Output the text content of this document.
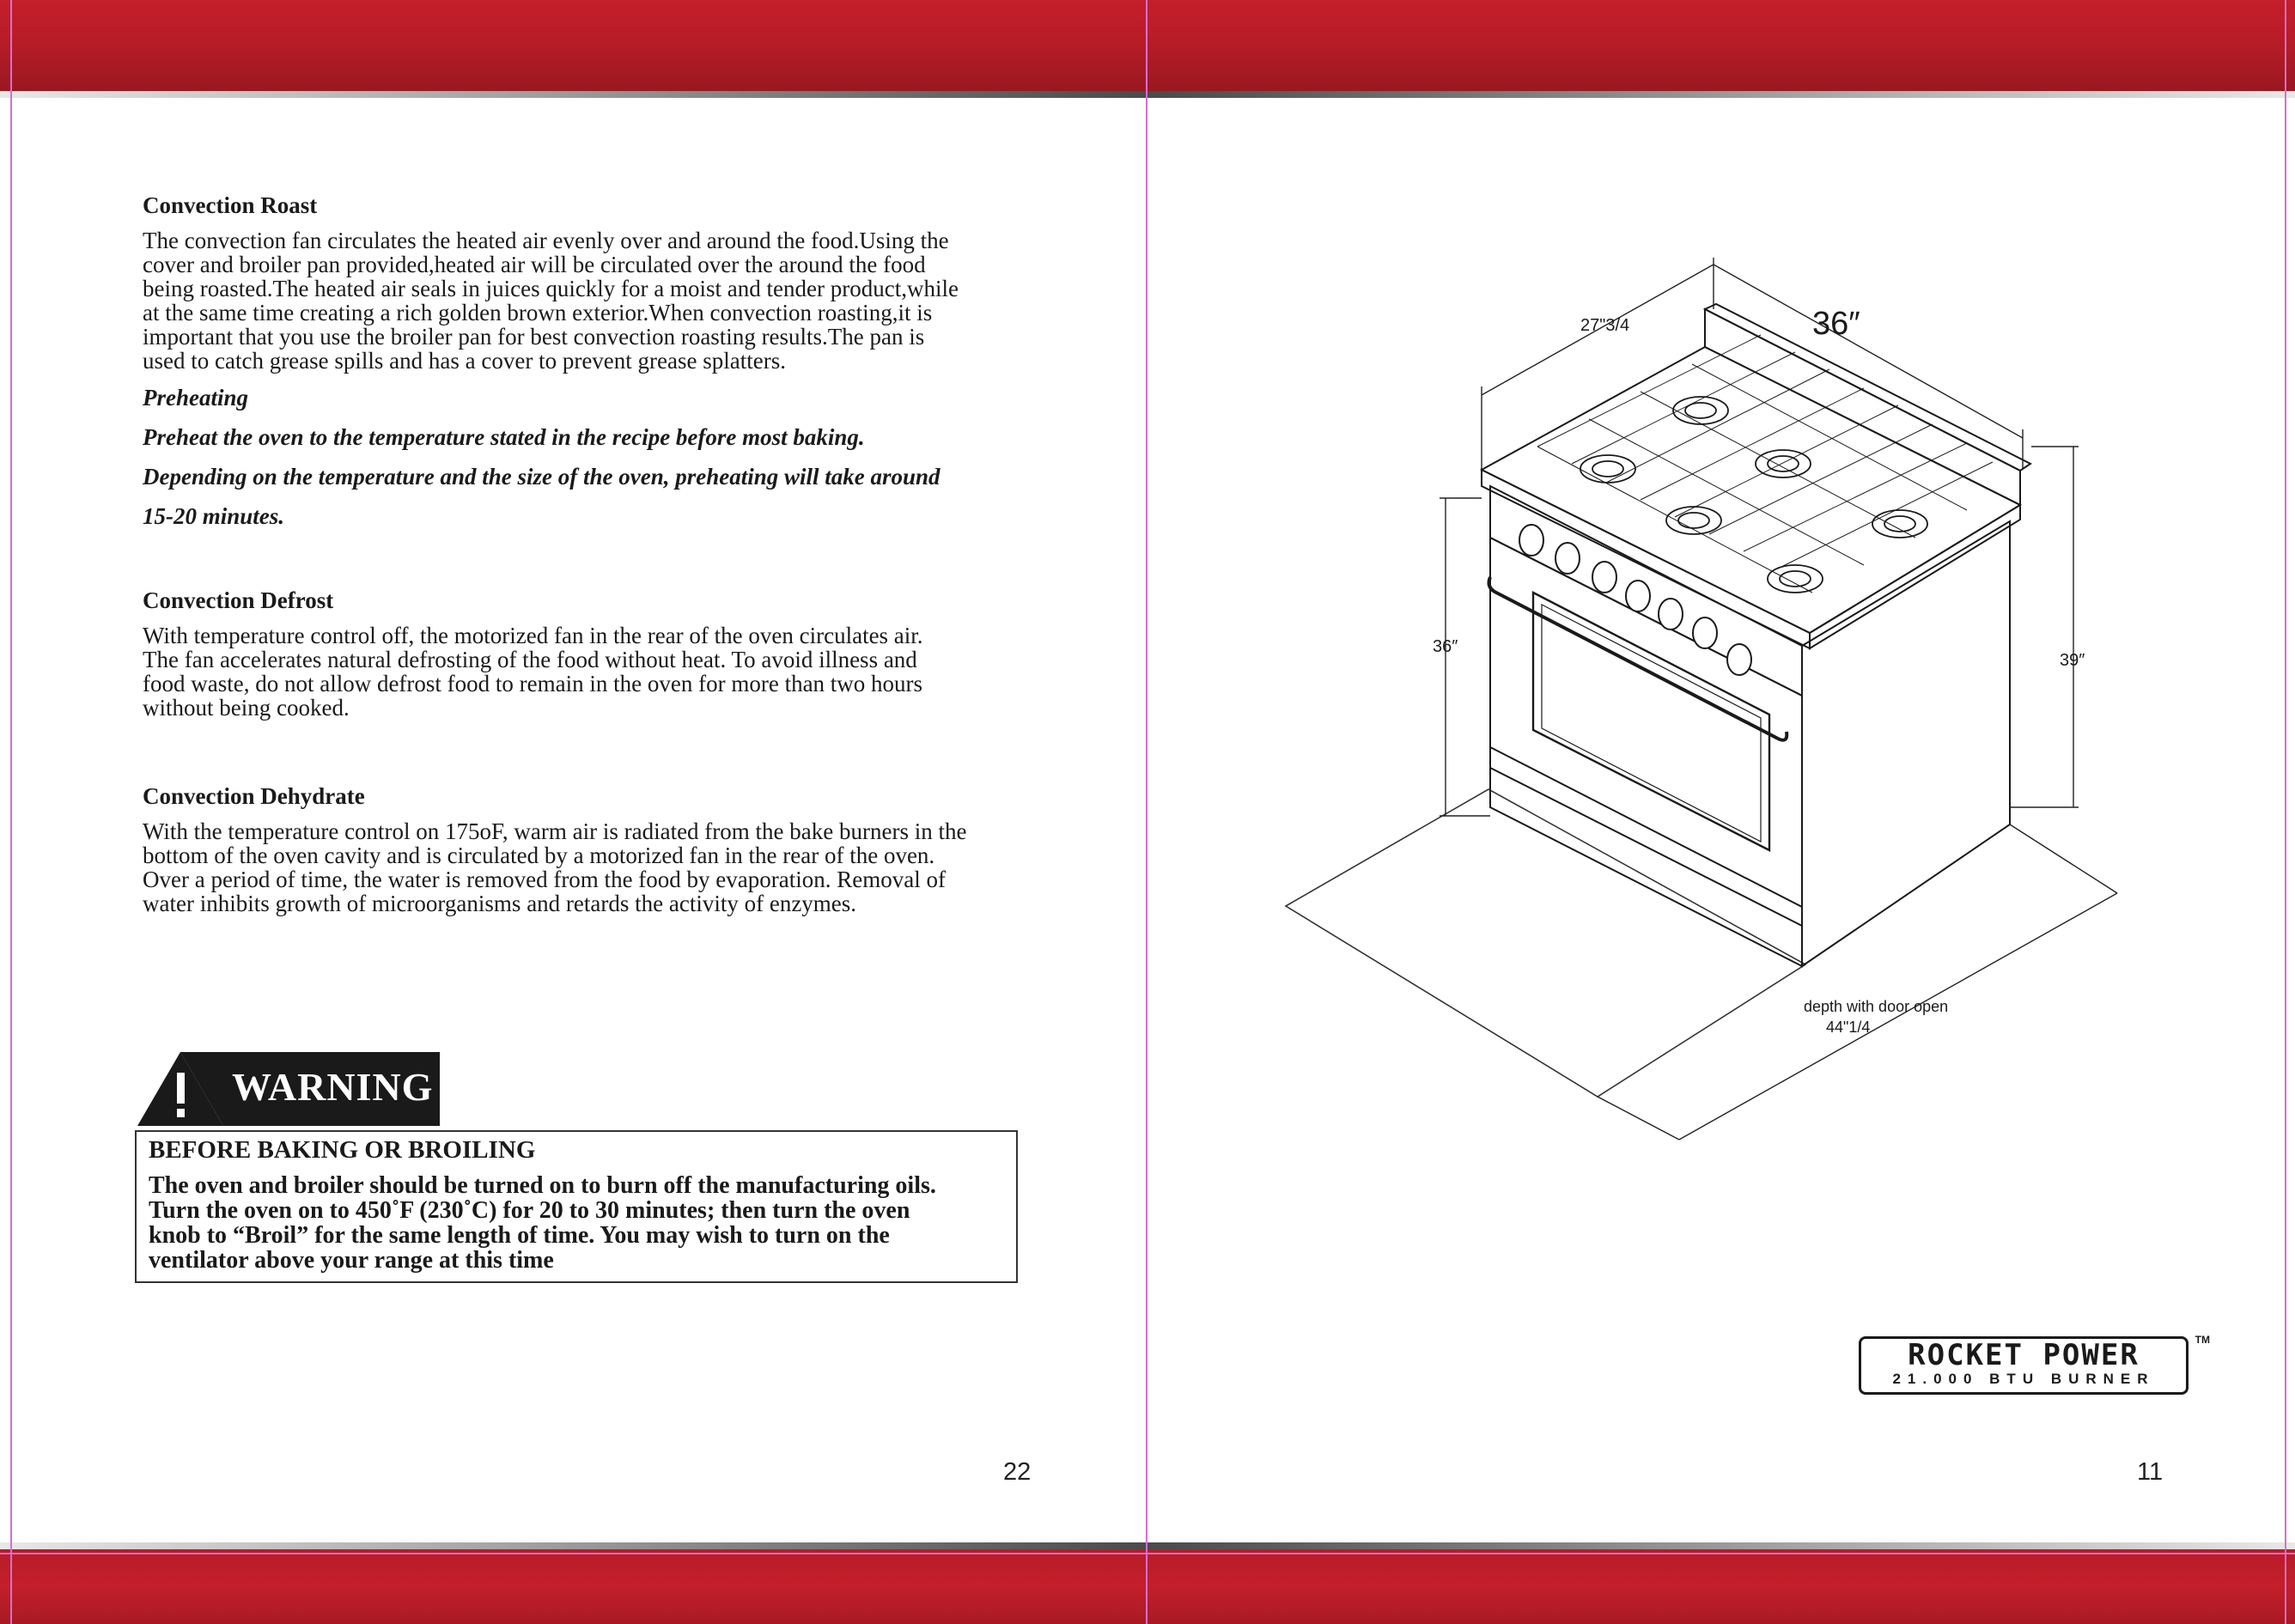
Convection Roast

The convection fan circulates the heated air evenly over and around the food.Using the

cover and broiler pan provided,heated air will be circulated over the around the food

being roasted.The heated air seals in juices quickly for a moist and tender product,while

at the same time creating a rich golden brown exterior.When convection roasting,it is

important that you use the broiler pan for best convection roasting results.The pan is

used to catch grease spills and has a cover to prevent grease splatters.

Preheating

Preheat the oven to the temperature stated in the recipe before most baking.

Depending on the temperature and the size of the oven, preheating will take around

15-20 minutes.

Convection Defrost

With temperature control off, the motorized fan in the rear of the oven circulates air.

The fan accelerates natural defrosting of the food without heat. To avoid illness and

food waste, do not allow defrost food to remain in the oven for more than two hours

without being cooked.

Convection Dehydrate

With the temperature control on 175oF, warm air is radiated from the bake burners in the

bottom of the oven cavity and is circulated by a motorized fan in the rear of the oven.

Over a period of time, the water is removed from the food by evaporation. Removal of

water inhibits growth of microorganisms and retards the activity of enzymes.

WARNING

BEFORE BAKING OR BROILING

The oven and broiler should be turned on to burn off the manufacturing oils.

Turn the oven on to 450˚F (230˚C) for 20 to 30 minutes; then turn the oven

knob to “Broil” for the same length of time. You may wish to turn on the

ventilator above your range at this time

22
36″
27"3/4
36″
39″
depth with door open
44"1/4
ROCKET POWER
21.000 BTU BURNER
TM
11
